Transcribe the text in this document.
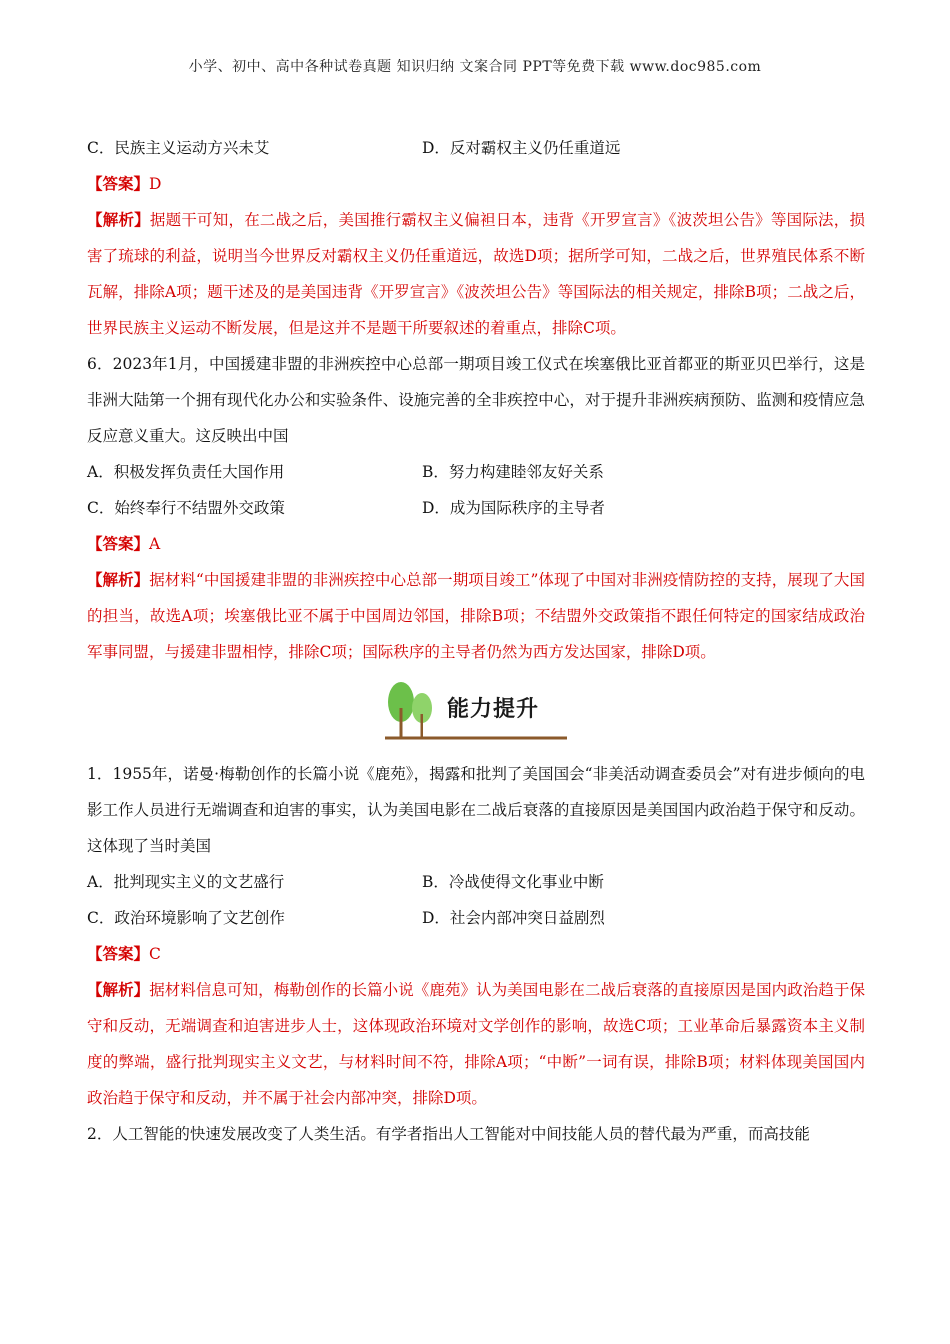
小学、初中、高中各种试卷真题 知识归纳 文案合同 PPT等免费下载 www.doc985.com
C．民族主义运动方兴未艾	D．反对霸权主义仍任重道远
【答案】D
【解析】据题干可知，在二战之后，美国推行霸权主义偏袒日本，违背《开罗宣言》《波茨坦公告》等国际法，损害了琉球的利益，说明当今世界反对霸权主义仍任重道远，故选D项；据所学可知，二战之后，世界殖民体系不断瓦解，排除A项；题干述及的是美国违背《开罗宣言》《波茨坦公告》等国际法的相关规定，排除B项；二战之后，世界民族主义运动不断发展，但是这并不是题干所要叙述的着重点，排除C项。
6．2023年1月，中国援建非盟的非洲疾控中心总部一期项目竣工仪式在埃塞俄比亚首都亚的斯亚贝巴举行，这是非洲大陆第一个拥有现代化办公和实验条件、设施完善的全非疾控中心，对于提升非洲疾病预防、监测和疫情应急反应意义重大。这反映出中国
A．积极发挥负责任大国作用	B．努力构建睦邻友好关系
C．始终奉行不结盟外交政策	D．成为国际秩序的主导者
【答案】A
【解析】据材料“中国援建非盟的非洲疾控中心总部一期项目竣工”体现了中国对非洲疫情防控的支持，展现了大国的担当，故选A项；埃塞俄比亚不属于中国周边邻国，排除B项；不结盟外交政策指不跟任何特定的国家结成政治军事同盟，与援建非盟相悖，排除C项；国际秩序的主导者仍然为西方发达国家，排除D项。
能力提升
1．1955年，诺曼·梅勒创作的长篇小说《鹿苑》，揭露和批判了美国国会“非美活动调查委员会”对有进步倾向的电影工作人员进行无端调查和迫害的事实，认为美国电影在二战后衰落的直接原因是美国国内政治趋于保守和反动。这体现了当时美国
A．批判现实主义的文艺盛行	B．冷战使得文化事业中断
C．政治环境影响了文艺创作	D．社会内部冲突日益剧烈
【答案】C
【解析】据材料信息可知，梅勒创作的长篇小说《鹿苑》认为美国电影在二战后衰落的直接原因是国内政治趋于保守和反动，无端调查和迫害进步人士，这体现政治环境对文学创作的影响，故选C项；工业革命后暴露资本主义制度的弊端，盛行批判现实主义文艺，与材料时间不符，排除A项；“中断”一词有误，排除B项；材料体现美国国内政治趋于保守和反动，并不属于社会内部冲突，排除D项。
2．人工智能的快速发展改变了人类生活。有学者指出人工智能对中间技能人员的替代最为严重，而高技能
